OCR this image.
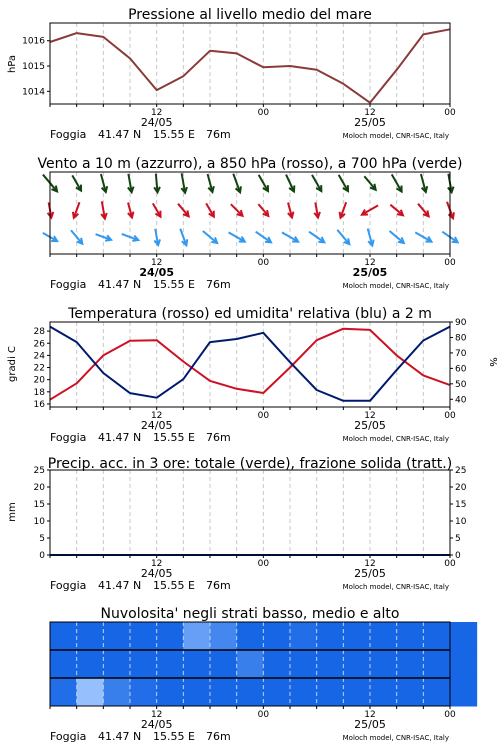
Pressione al livello medio del mare
12	00	12	00
24/05	25/05
Foggia 41.47 N 15.55 E 76m	Moloch model, CNR-ISAC, Italy
1016
1015
1014
hPa
Vento a 10 m (azzurro), a 850 hPa (rosso), a 700 hPa (verde)
12	00	12	00
24/05	25/05
Foggia 41.47 N 15.55 E 76m	Moloch model, CNR-ISAC, Italy
Temperatura (rosso) ed umidita' relativa (blu) a 2 m
12	00	12	00
24/05	25/05
Foggia 41.47 N 15.55 E 76m	Moloch model, CNR-ISAC, Italy
28
26
24
22
20
18
16
90
80
70
60
50
40
gradi C	%
Precip. acc. in 3 ore: totale (verde), frazione solida (tratt.)
12	00	12	00
24/05	25/05
Foggia 41.47 N 15.55 E 76m	Moloch model, CNR-ISAC, Italy
25
20
15
10
5
0
25
20
15
10
5
0
mm
Nuvolosita' negli strati basso, medio e alto
12	00	12	00
24/05	25/05
Foggia 41.47 N 15.55 E 76m	Moloch model, CNR-ISAC, Italy
